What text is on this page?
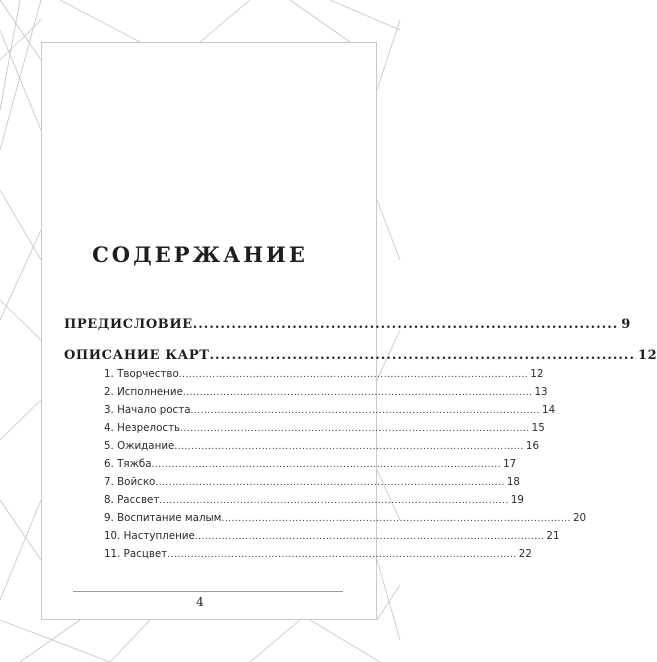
СОДЕРЖАНИЕ
ПРЕДИСЛОВИЕ ............................................................................. 9
ОПИСАНИЕ КАРТ ............................................................................. 12
1. Творчество ........................................................................................................ 12
2. Исполнение ........................................................................................................ 13
3. Начало роста ........................................................................................................ 14
4. Незрелость ........................................................................................................ 15
5. Ожидание ........................................................................................................ 16
6. Тяжба ........................................................................................................ 17
7. Войско ........................................................................................................ 18
8. Рассвет ........................................................................................................ 19
9. Воспитание малым ........................................................................................................ 20
10. Наступление ........................................................................................................ 21
11. Расцвет ........................................................................................................ 22
4
